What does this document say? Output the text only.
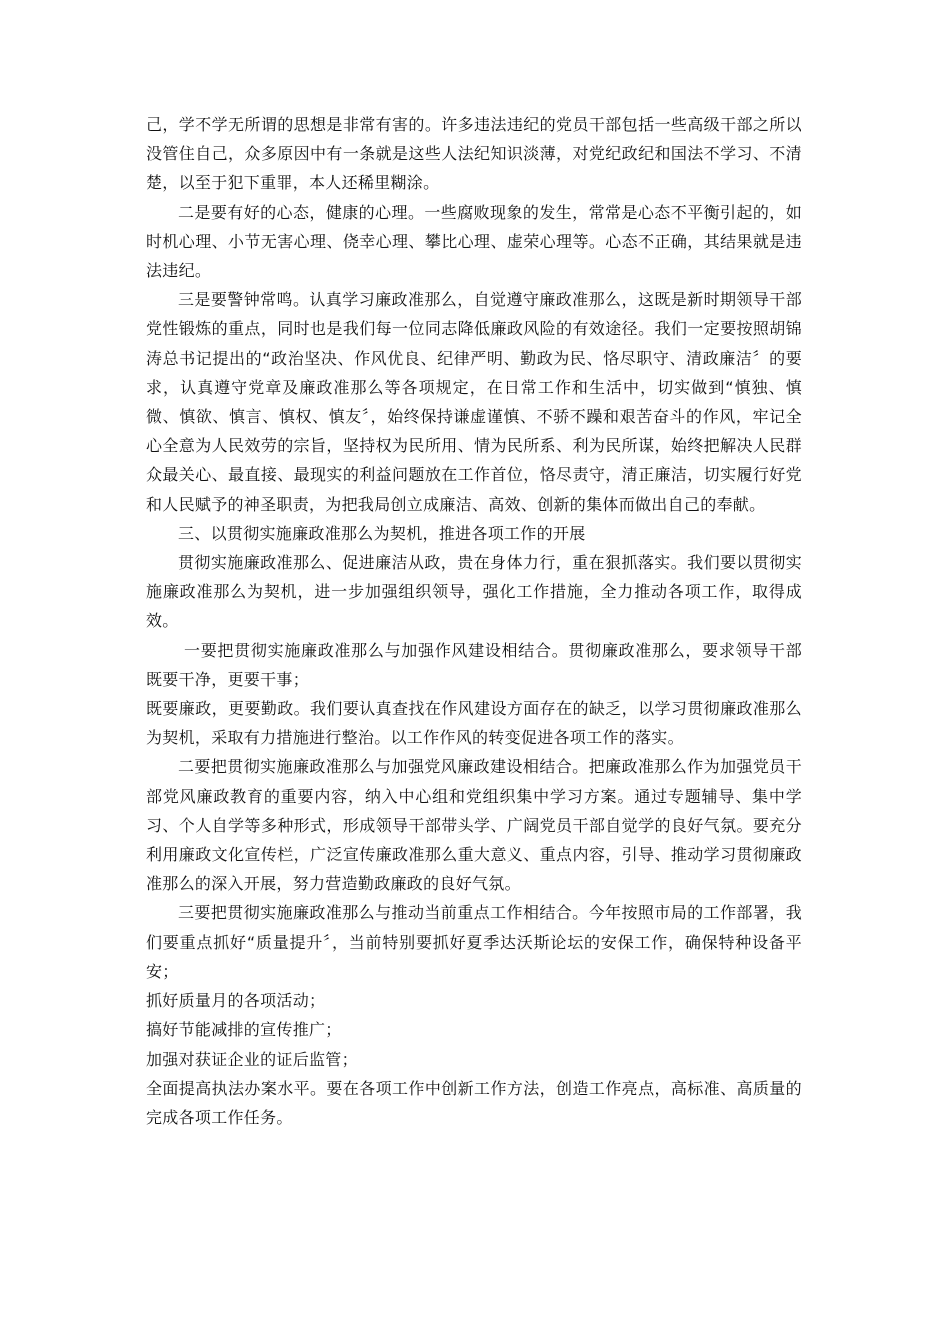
己，学不学无所谓的思想是非常有害的。许多违法违纪的党员干部包括一些高级干部之所以没管住自己，众多原因中有一条就是这些人法纪知识淡薄，对党纪政纪和国法不学习、不清楚，以至于犯下重罪，本人还稀里糊涂。

二是要有好的心态，健康的心理。一些腐败现象的发生，常常是心态不平衡引起的，如时机心理、小节无害心理、侥幸心理、攀比心理、虚荣心理等。心态不正确，其结果就是违法违纪。

三是要警钟常鸣。认真学习廉政准那么，自觉遵守廉政准那么，这既是新时期领导干部党性锻炼的重点，同时也是我们每一位同志降低廉政风险的有效途径。我们一定要按照胡锦涛总书记提出的“政治坚决、作风优良、纪律严明、勤政为民、恪尽职守、清政廉洁〞的要求，认真遵守党章及廉政准那么等各项规定，在日常工作和生活中，切实做到“慎独、慎微、慎欲、慎言、慎权、慎友〞，始终保持谦虚谨慎、不骄不躁和艰苦奋斗的作风，牢记全心全意为人民效劳的宗旨，坚持权为民所用、情为民所系、利为民所谋，始终把解决人民群众最关心、最直接、最现实的利益问题放在工作首位，恪尽责守，清正廉洁，切实履行好党和人民赋予的神圣职责，为把我局创立成廉洁、高效、创新的集体而做出自己的奉献。

三、以贯彻实施廉政准那么为契机，推进各项工作的开展

贯彻实施廉政准那么、促进廉洁从政，贵在身体力行，重在狠抓落实。我们要以贯彻实施廉政准那么为契机，进一步加强组织领导，强化工作措施，全力推动各项工作，取得成效。

一要把贯彻实施廉政准那么与加强作风建设相结合。贯彻廉政准那么，要求领导干部既要干净，更要干事；

既要廉政，更要勤政。我们要认真查找在作风建设方面存在的缺乏，以学习贯彻廉政准那么为契机，采取有力措施进行整治。以工作作风的转变促进各项工作的落实。

二要把贯彻实施廉政准那么与加强党风廉政建设相结合。把廉政准那么作为加强党员干部党风廉政教育的重要内容，纳入中心组和党组织集中学习方案。通过专题辅导、集中学习、个人自学等多种形式，形成领导干部带头学、广阔党员干部自觉学的良好气氛。要充分利用廉政文化宣传栏，广泛宣传廉政准那么重大意义、重点内容，引导、推动学习贯彻廉政准那么的深入开展，努力营造勤政廉政的良好气氛。

三要把贯彻实施廉政准那么与推动当前重点工作相结合。今年按照市局的工作部署，我们要重点抓好“质量提升〞，当前特别要抓好夏季达沃斯论坛的安保工作，确保特种设备平安；

抓好质量月的各项活动；

搞好节能减排的宣传推广；

加强对获证企业的证后监管；

全面提高执法办案水平。要在各项工作中创新工作方法，创造工作亮点，高标准、高质量的完成各项工作任务。
